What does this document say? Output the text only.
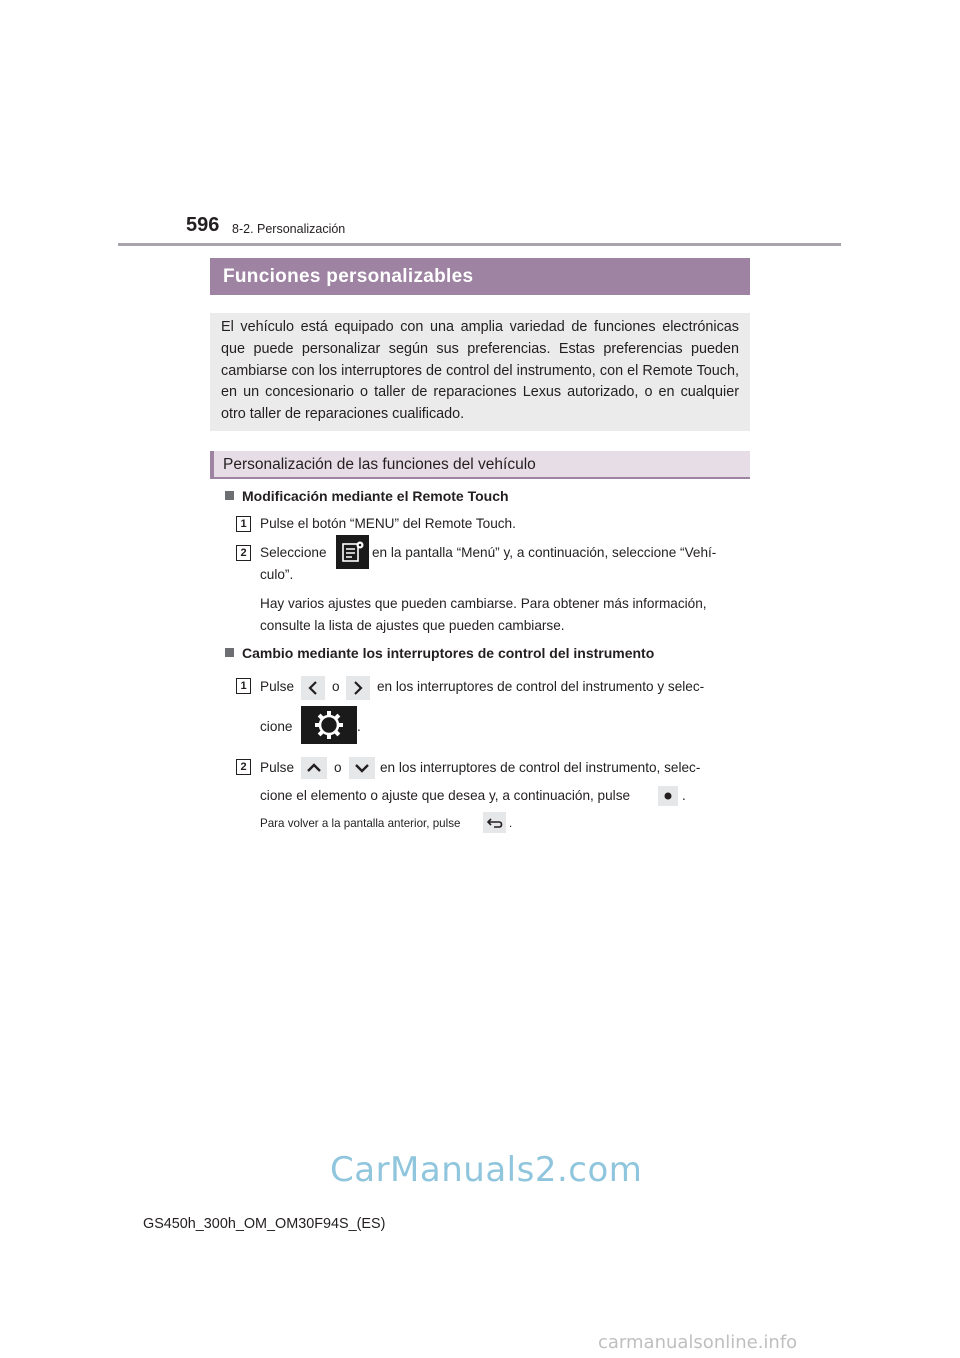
596 8-2. Personalización
Funciones personalizables
El vehículo está equipado con una amplia variedad de funciones electrónicas que puede personalizar según sus preferencias. Estas preferencias pueden cambiarse con los interruptores de control del instrumento, con el Remote Touch, en un concesionario o taller de reparaciones Lexus autorizado, o en cualquier otro taller de reparaciones cualificado.
Personalización de las funciones del vehículo
Modificación mediante el Remote Touch
1 Pulse el botón “MENU” del Remote Touch.
2 Seleccione	en la pantalla “Menú” y, a continuación, seleccione “Vehí-
culo”.
Hay varios ajustes que pueden cambiarse. Para obtener más información,
consulte la lista de ajustes que pueden cambiarse.
Cambio mediante los interruptores de control del instrumento
1 Pulse	o	en los interruptores de control del instrumento y selec-
cione	.
2 Pulse	o	en los interruptores de control del instrumento, selec-
cione el elemento o ajuste que desea y, a continuación, pulse	.
Para volver a la pantalla anterior, pulse	.
CarManuals2.com
GS450h_300h_OM_OM30F94S_(ES)
carmanualsonline.info
